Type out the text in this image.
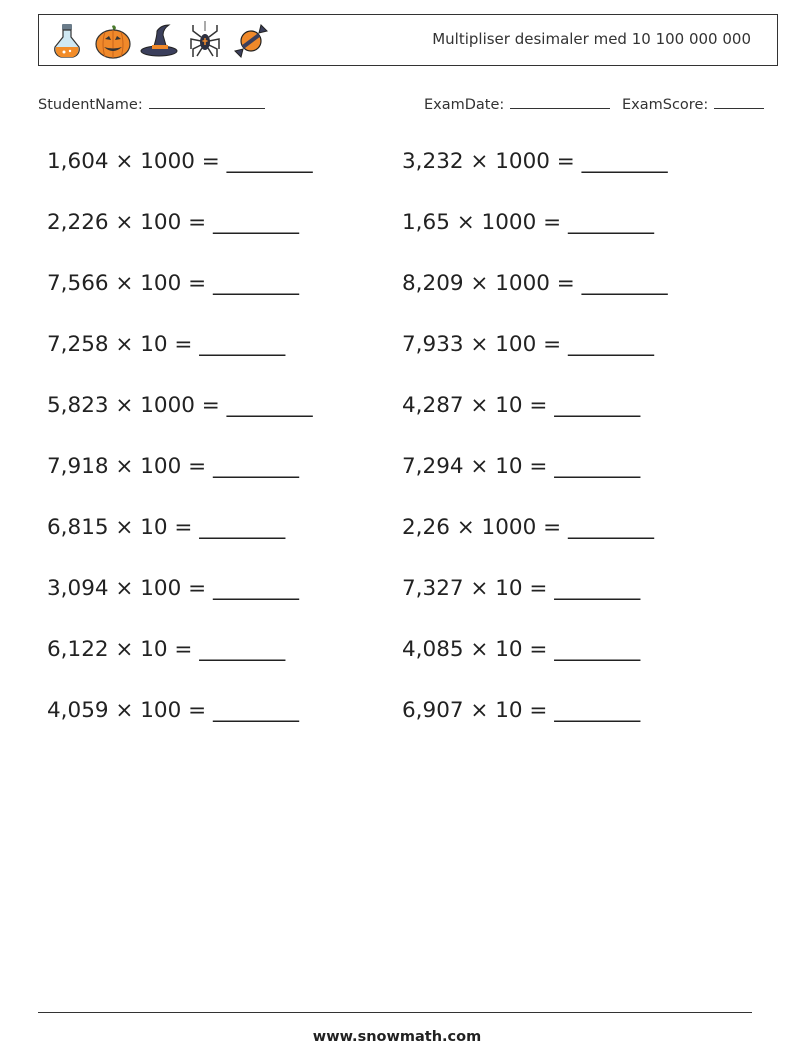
Multipliser desimaler med 10 100 000 000
StudentName:	ExamDate:	ExamScore:
1,604 × 1000 = ________	3,232 × 1000 = ________
2,226 × 100 = ________	1,65 × 1000 = ________
7,566 × 100 = ________	8,209 × 1000 = ________
7,258 × 10 = ________	7,933 × 100 = ________
5,823 × 1000 = ________	4,287 × 10 = ________
7,918 × 100 = ________	7,294 × 10 = ________
6,815 × 10 = ________	2,26 × 1000 = ________
3,094 × 100 = ________	7,327 × 10 = ________
6,122 × 10 = ________	4,085 × 10 = ________
4,059 × 100 = ________	6,907 × 10 = ________
www.snowmath.com
